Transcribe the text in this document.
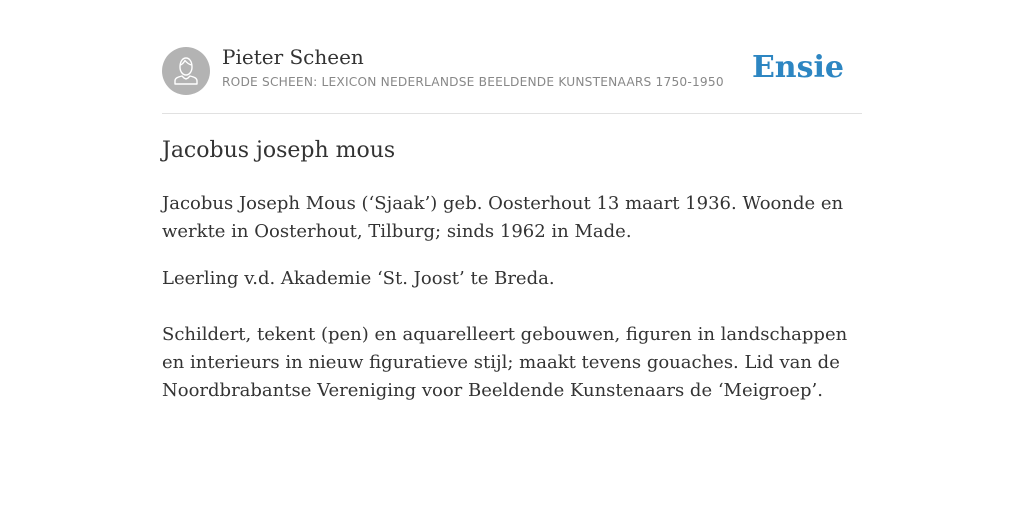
Pieter Scheen
RODE SCHEEN: LEXICON NEDERLANDSE BEELDENDE KUNSTENAARS 1750-1950 Ensie
Jacobus joseph mous

Jacobus Joseph Mous (‘Sjaak’) geb. Oosterhout 13 maart 1936. Woonde en werkte in Oosterhout, Tilburg; sinds 1962 in Made.

Leerling v.d. Akademie ‘St. Joost’ te Breda.

Schildert, tekent (pen) en aquarelleert gebouwen, figuren in landschappen en interieurs in nieuw figuratieve stijl; maakt tevens gouaches. Lid van de Noordbrabantse Vereniging voor Beeldende Kunstenaars de ‘Meigroep’.
